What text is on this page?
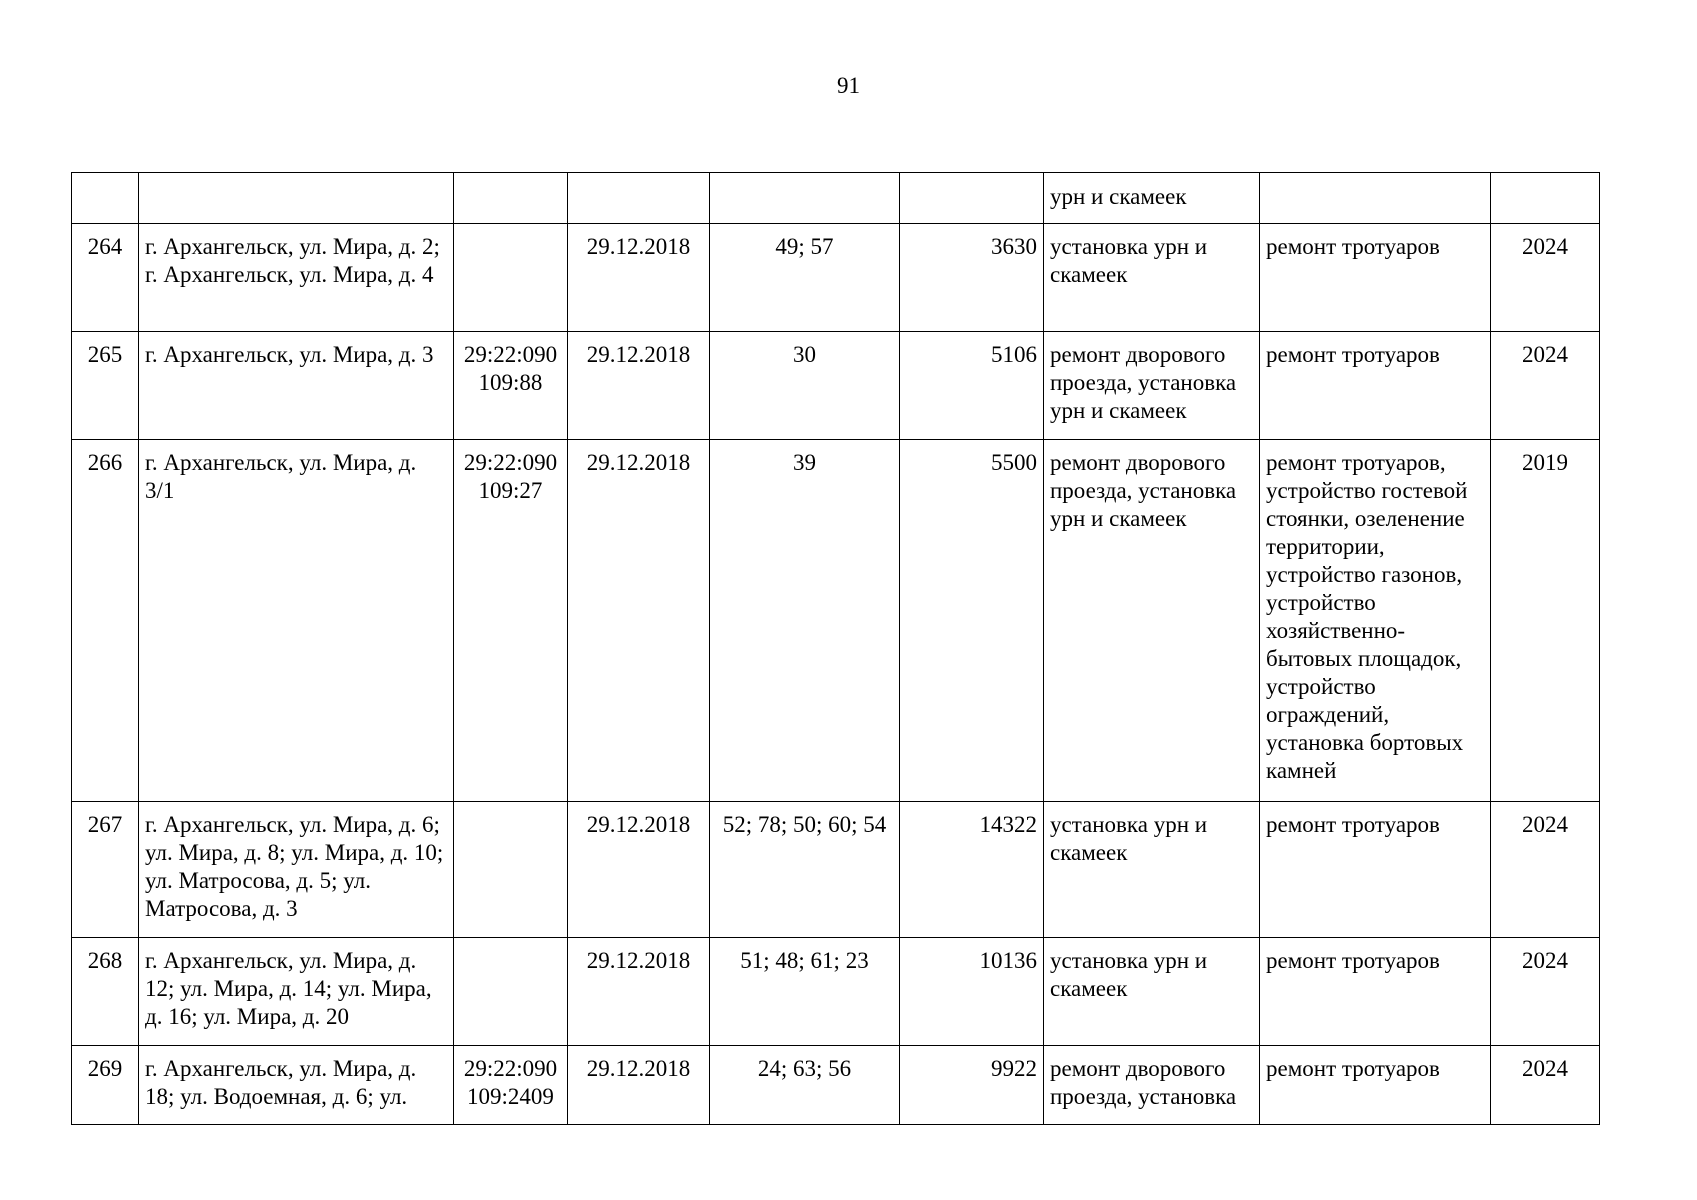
91
						урн и скамеек		
264	г. Архангельск, ул. Мира, д. 2; г. Архангельск, ул. Мира, д. 4		29.12.2018	49; 57	3630	установка урн и скамеек	ремонт тротуаров	2024
265	г. Архангельск, ул. Мира, д. 3	29:22:090109:88	29.12.2018	30	5106	ремонт дворового проезда, установка урн и скамеек	ремонт тротуаров	2024
266	г. Архангельск, ул. Мира, д. 3/1	29:22:090109:27	29.12.2018	39	5500	ремонт дворового проезда, установка урн и скамеек	ремонт тротуаров, устройство гостевой стоянки, озеленение территории, устройство газонов, устройство хозяйственно-бытовых площадок, устройство ограждений, установка бортовых камней	2019
267	г. Архангельск, ул. Мира, д. 6; ул. Мира, д. 8; ул. Мира, д. 10; ул. Матросова, д. 5; ул. Матросова, д. 3		29.12.2018	52; 78; 50; 60; 54	14322	установка урн и скамеек	ремонт тротуаров	2024
268	г. Архангельск, ул. Мира, д. 12; ул. Мира, д. 14; ул. Мира, д. 16; ул. Мира, д. 20		29.12.2018	51; 48; 61; 23	10136	установка урн и скамеек	ремонт тротуаров	2024
269	г. Архангельск, ул. Мира, д. 18; ул. Водоемная, д. 6; ул.	29:22:090109:2409	29.12.2018	24; 63; 56	9922	ремонт дворового проезда, установка	ремонт тротуаров	2024
